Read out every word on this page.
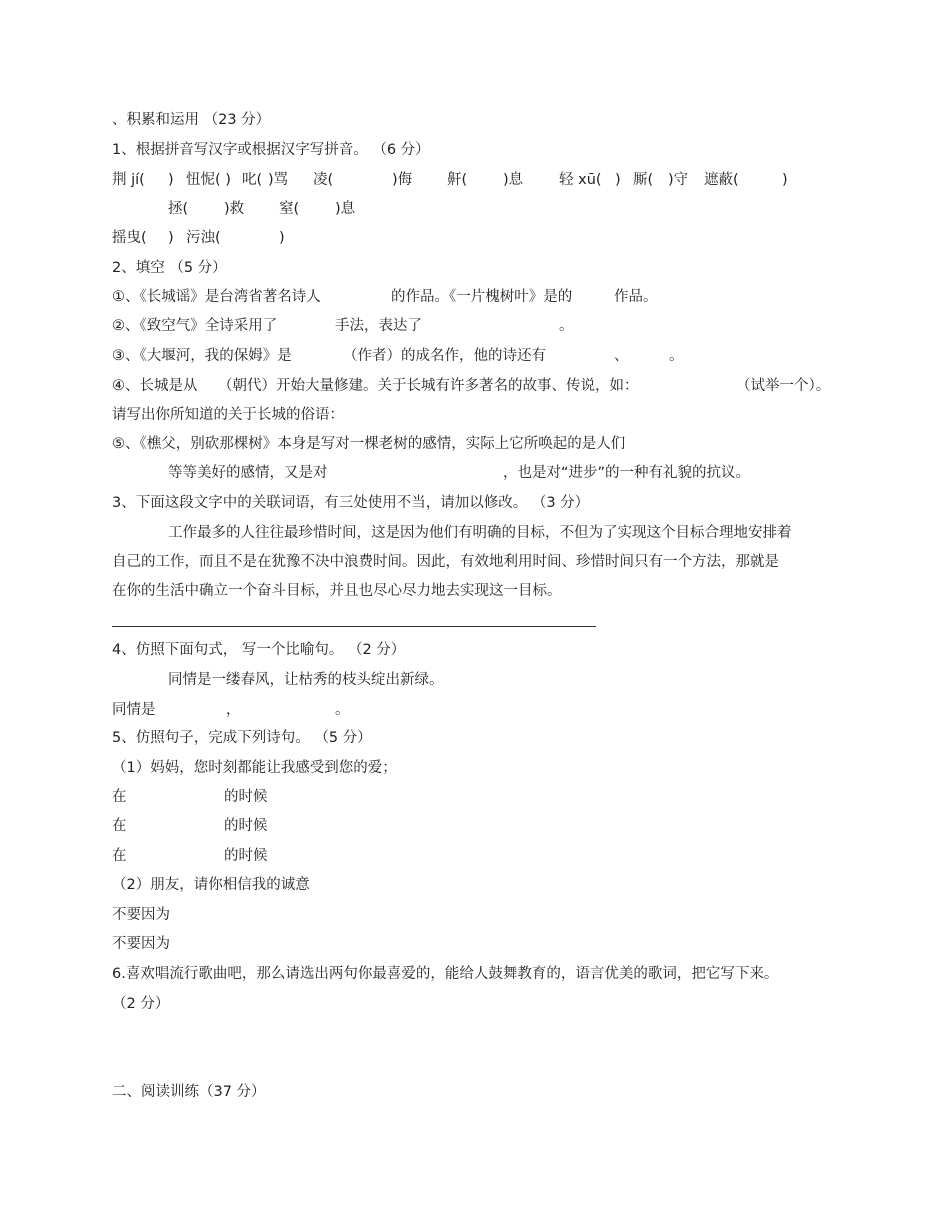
、积累和运用 （23 分）
1、根据拼音写汉字或根据汉字写拼音。 （6 分）
荆 jí( ) 忸怩( ) 叱( )骂 凌(	)侮 鼾( )息 轻 xū( ) 厮( )守 遮蔽(	)
拯( )救 窒( )息
摇曳( ) 污浊(	)
2、填空 （5 分）
①、《长城谣》是台湾省著名诗人	的作品。《一片槐树叶》是的	作品。
②、《致空气》全诗采用了	手法，表达了	。
③、《大堰河，我的保姆》是	（作者）的成名作，他的诗还有	、	。
④、长城是从 （朝代）开始大量修建。关于长城有许多著名的故事、传说，如：	（试举一个）。
请写出你所知道的关于长城的俗语：
⑤、《樵父，别砍那棵树》本身是写对一棵老树的感情，实际上它所唤起的是人们
等等美好的感情，又是对	，也是对“进步”的一种有礼貌的抗议。
3、下面这段文字中的关联词语，有三处使用不当，请加以修改。 （3 分）
工作最多的人往往最珍惜时间，这是因为他们有明确的目标，不但为了实现这个目标合理地安排着
自己的工作，而且不是在犹豫不决中浪费时间。因此，有效地利用时间、珍惜时间只有一个方法，那就是
在你的生活中确立一个奋斗目标，并且也尽心尽力地去实现这一目标。
4、仿照下面句式， 写一个比喻句。 （2 分）
同情是一缕春风，让枯秀的枝头绽出新绿。
同情是	，	。
5、仿照句子，完成下列诗句。 （5 分）
（1）妈妈，您时刻都能让我感受到您的爱；
在	的时候
在	的时候
在	的时候
（2）朋友，请你相信我的诚意
不要因为
不要因为
6.喜欢唱流行歌曲吧，那么请选出两句你最喜爱的，能给人鼓舞教育的，语言优美的歌词，把它写下来。
（2 分）
二、阅读训练（37 分）
